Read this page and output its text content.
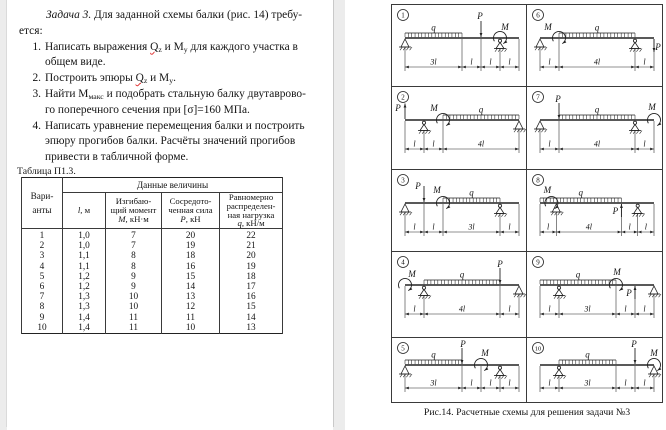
Задача 3. Для заданной схемы балки (рис. 14) требу-
ется:
1. Написать выражения $Q_z$ и $M_y$ для каждого участка в
общем виде.
2. Построить эпюры $Q_z$ и $M_y$.
3. Найти $M_{макс}$ и подобрать стальную балку двутаврово-
го поперечного сечения при [σ]=160 МПа.
4. Написать уравнение перемещения балки и построить
эпюру прогибов балки. Расчёты значений прогибов
привести в табличной форме.
Таблица П1.3.
Вари-
анты	Данные величины			
	l, м	Изгибаю-
щий момент
M, кН·м	Сосредото-
ченная сила
P, кН	Равномерно
распределен-
ная нагрузка
q, кН/м
1	1,0	7	20	22
2	1,0	7	19	21
3	1,1	8	18	20
4	1,1	8	16	19
5	1,2	9	15	18
6	1,2	9	14	17
7	1,3	10	13	16
8	1,3	10	12	15
9	1,4	11	11	14
10	1,4	11	10	13
3l	l l l
q
P
M
1
l	4l	l
q
P
M
6
l l	4l
q
P	M
2
l	4l	l
q
P
M
7
l l	3l	l
q
P M
3
l	4l	l l
q
P
M
8
l	4l	l
q
P
M
4
l	3l	l l
q
P
M
9
3l	l l l
q
P
M
5
l	3l	l l
q
P
M
10
Рис.14. Расчетные схемы для решения задачи №3
